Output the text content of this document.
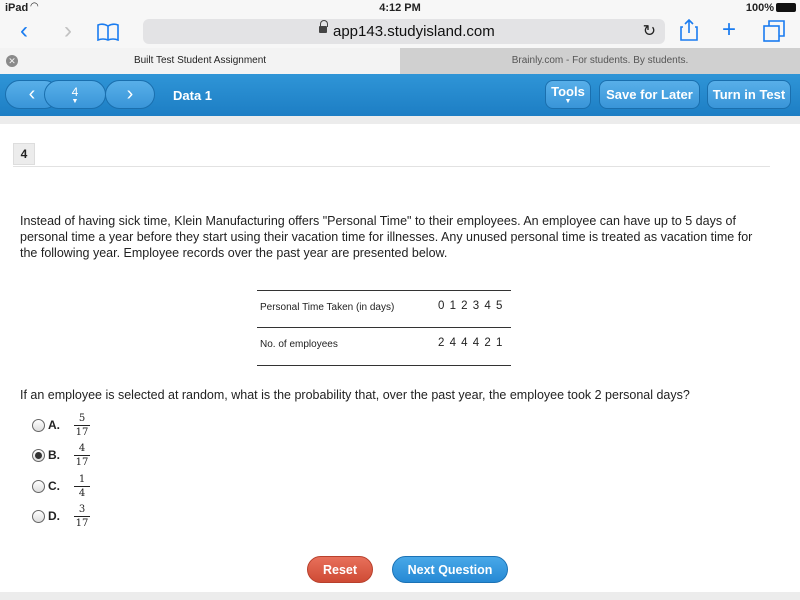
iPad ◠	4:12 PM	100%
‹ ›	app143.studyisland.com	↻	+
✕	Built Test Student Assignment	Brainly.com - For students. By students.
‹	›
4
▼	Data 1	Tools
▼	Save for Later	Turn in Test
4

Instead of having sick time, Klein Manufacturing offers "Personal Time" to their employees. An employee can have up to 5 days of personal time a year before they start using their vacation time for illnesses. Any unused personal time is treated as vacation time for the following year. Employee records over the past year are presented below.

Personal Time Taken (in days)	0 1 2 3 4 5
No. of employees	2 4 4 4 2 1

If an employee is selected at random, what is the probability that, over the past year, the employee took 2 personal days?

A.	5
17
B.	4
17
C.	1
4
D.	3
17
Reset	Next Question
